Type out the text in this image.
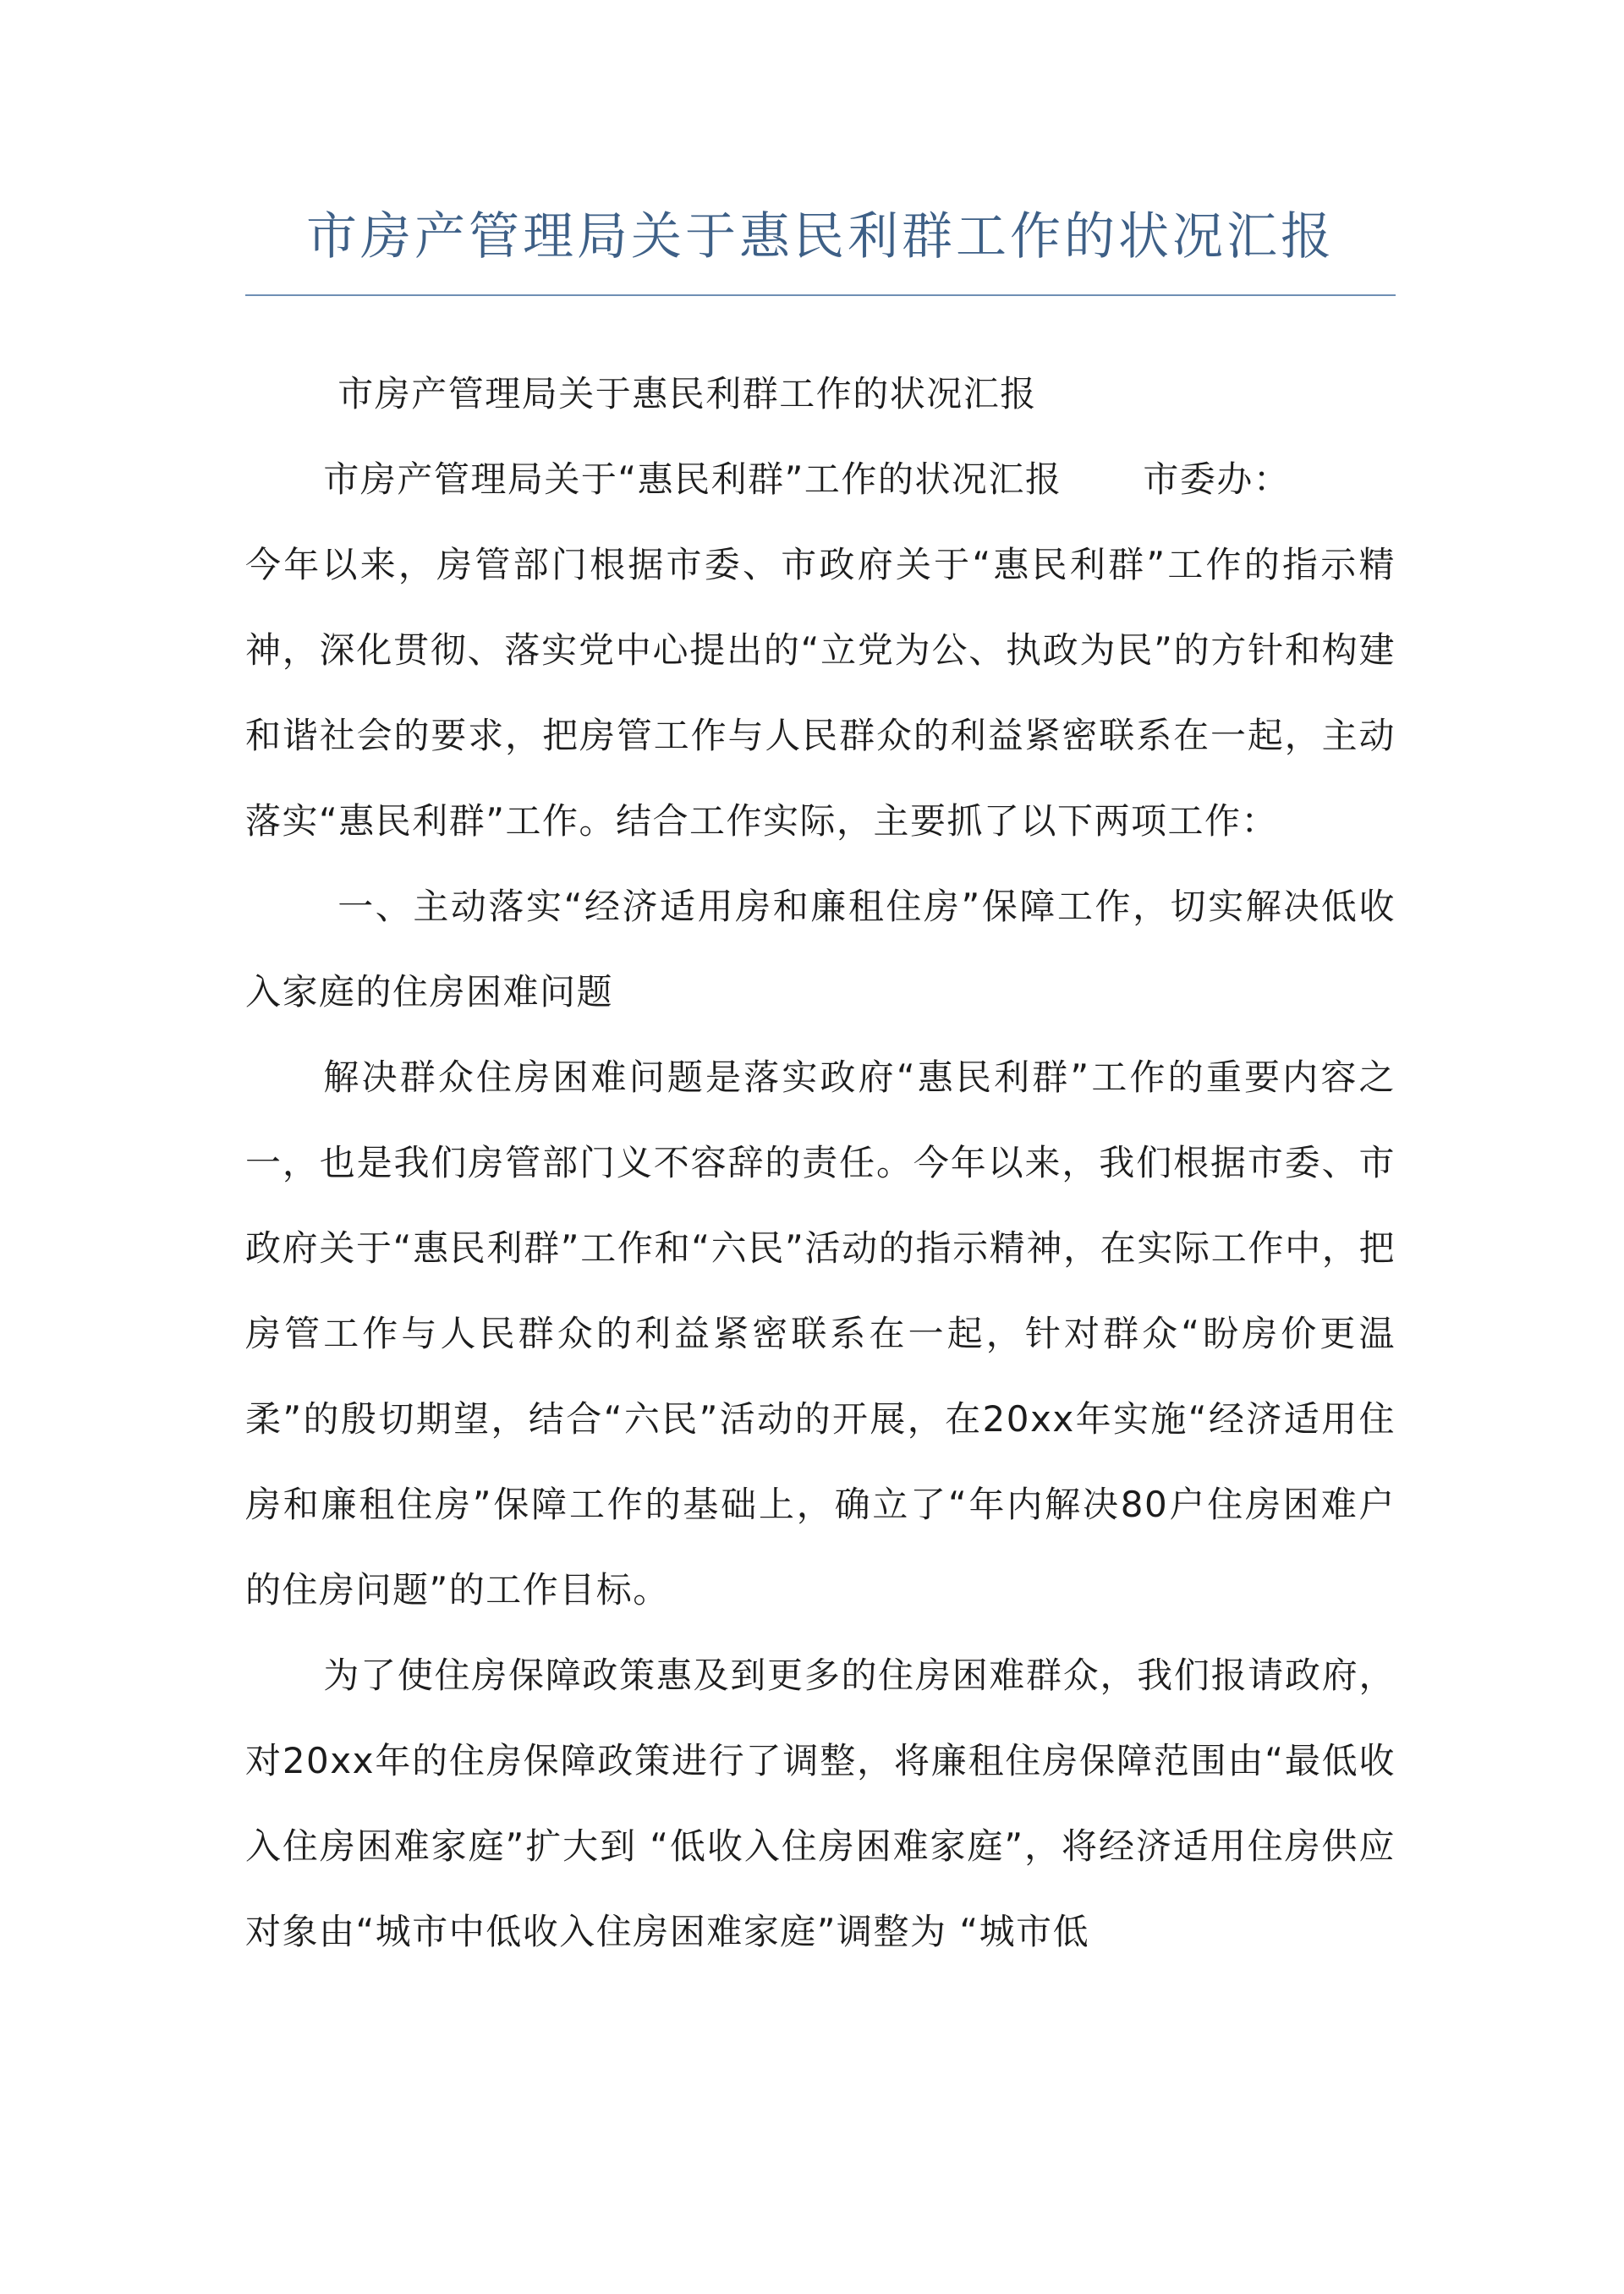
市房产管理局关于惠民利群工作的状况汇报

市房产管理局关于惠民利群工作的状况汇报

市房产管理局关于“惠民利群”工作的状况汇报 市委办：

今年以来，房管部门根据市委、市政府关于“惠民利群”工作的指示精神，深化贯彻、落实党中心提出的“立党为公、执政为民”的方针和构建和谐社会的要求，把房管工作与人民群众的利益紧密联系在一起，主动落实“惠民利群”工作。结合工作实际，主要抓了以下两项工作：

一、主动落实“经济适用房和廉租住房”保障工作，切实解决低收入家庭的住房困难问题

解决群众住房困难问题是落实政府“惠民利群”工作的重要内容之一，也是我们房管部门义不容辞的责任。今年以来，我们根据市委、市政府关于“惠民利群”工作和“六民”活动的指示精神，在实际工作中，把房管工作与人民群众的利益紧密联系在一起，针对群众“盼房价更温柔”的殷切期望，结合“六民”活动的开展，在20xx年实施“经济适用住房和廉租住房”保障工作的基础上，确立了“年内解决80户住房困难户的住房问题”的工作目标。

为了使住房保障政策惠及到更多的住房困难群众，我们报请政府，对20xx年的住房保障政策进行了调整，将廉租住房保障范围由“最低收入住房困难家庭”扩大到 “低收入住房困难家庭”，将经济适用住房供应对象由“城市中低收入住房困难家庭”调整为 “城市低
